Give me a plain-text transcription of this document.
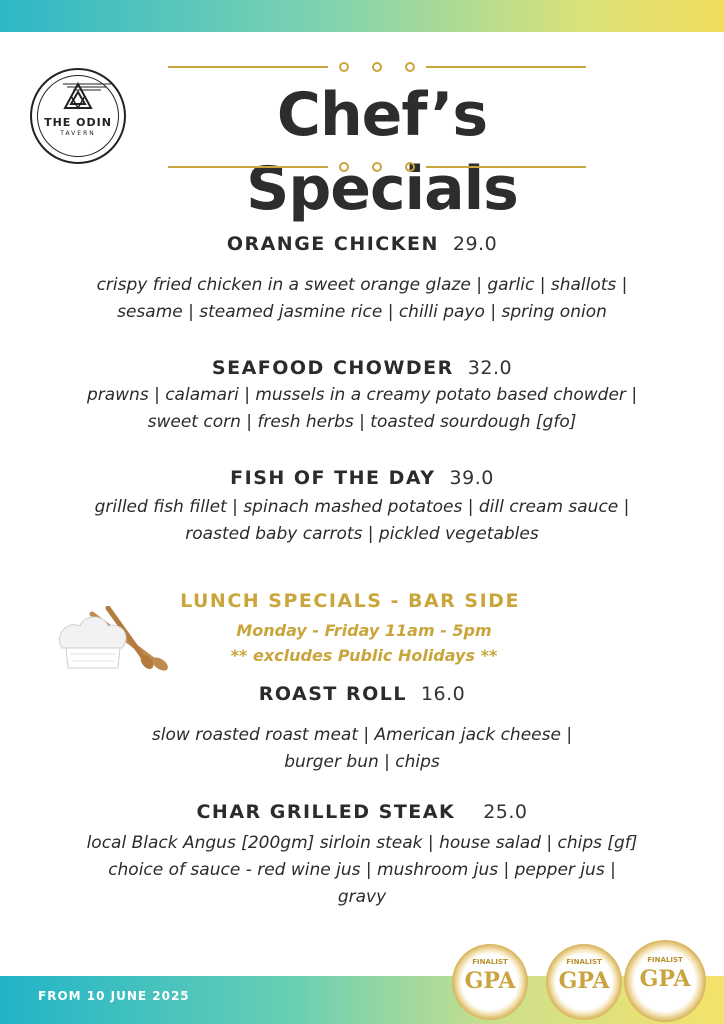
THE ODIN
TAVERN	Chef’s Specials
ORANGE CHICKEN 29.0
crispy fried chicken in a sweet orange glaze | garlic | shallots |
sesame | steamed jasmine rice | chilli payo | spring onion
SEAFOOD CHOWDER 32.0
prawns | calamari | mussels in a creamy potato based chowder |
sweet corn | fresh herbs | toasted sourdough [gfo]
FISH OF THE DAY 39.0
grilled fish fillet | spinach mashed potatoes | dill cream sauce |
roasted baby carrots | pickled vegetables
LUNCH SPECIALS - BAR SIDE
Monday - Friday 11am - 5pm
** excludes Public Holidays **
ROAST ROLL 16.0
slow roasted roast meat | American jack cheese |
burger bun | chips
CHAR GRILLED STEAK 25.0
local Black Angus [200gm] sirloin steak | house salad | chips [gf]
choice of sauce - red wine jus | mushroom jus | pepper jus |
gravy
FROM 10 JUNE 2025
FINALIST
GPA
FINALIST
GPA
FINALIST
GPA
